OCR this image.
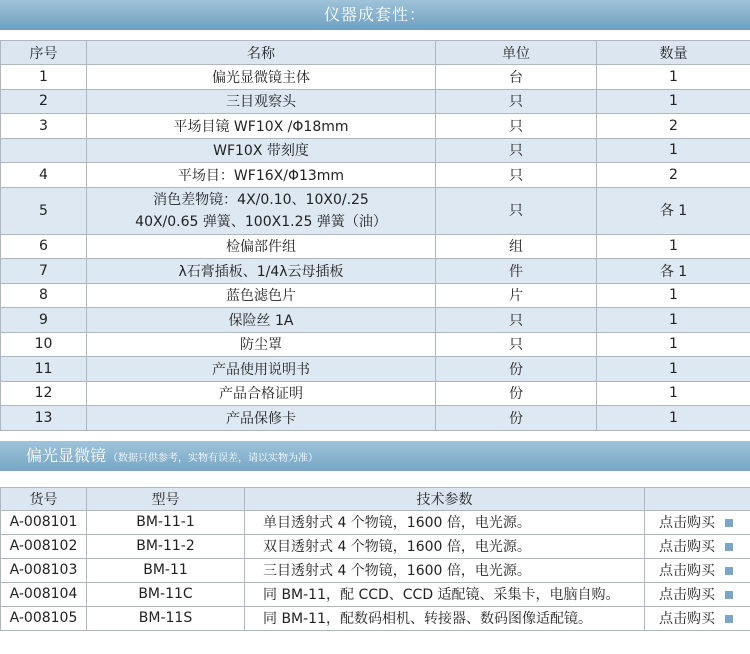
仪器成套性：
序号	名称	单位	数量
1	偏光显微镜主体	台	1
2	三目观察头	只	1
3	平场目镜 WF10X /Φ18mm	只	2
	WF10X 带刻度	只	1
4	平场目：WF16X/Φ13mm	只	2
5	消色差物镜：4X/0.10、10X0/.25
40X/0.65 弹簧、100X1.25 弹簧（油）	只	各 1
6	检偏部件组	组	1
7	λ石膏插板、1/4λ云母插板	件	各 1
8	蓝色滤色片	片	1
9	保险丝 1A	只	1
10	防尘罩	只	1
11	产品使用说明书	份	1
12	产品合格证明	份	1
13	产品保修卡	份	1
偏光显微镜 （数据只供参考，实物有误差，请以实物为准）
货号	型号	技术参数	
A-008101	BM-11-1	单目透射式 4 个物镜，1600 倍，电光源。	点击购买
A-008102	BM-11-2	双目透射式 4 个物镜，1600 倍，电光源。	点击购买
A-008103	BM-11	三目透射式 4 个物镜，1600 倍，电光源。	点击购买
A-008104	BM-11C	同 BM-11，配 CCD、CCD 适配镜、采集卡，电脑自购。	点击购买
A-008105	BM-11S	同 BM-11，配数码相机、转接器、数码图像适配镜。	点击购买
